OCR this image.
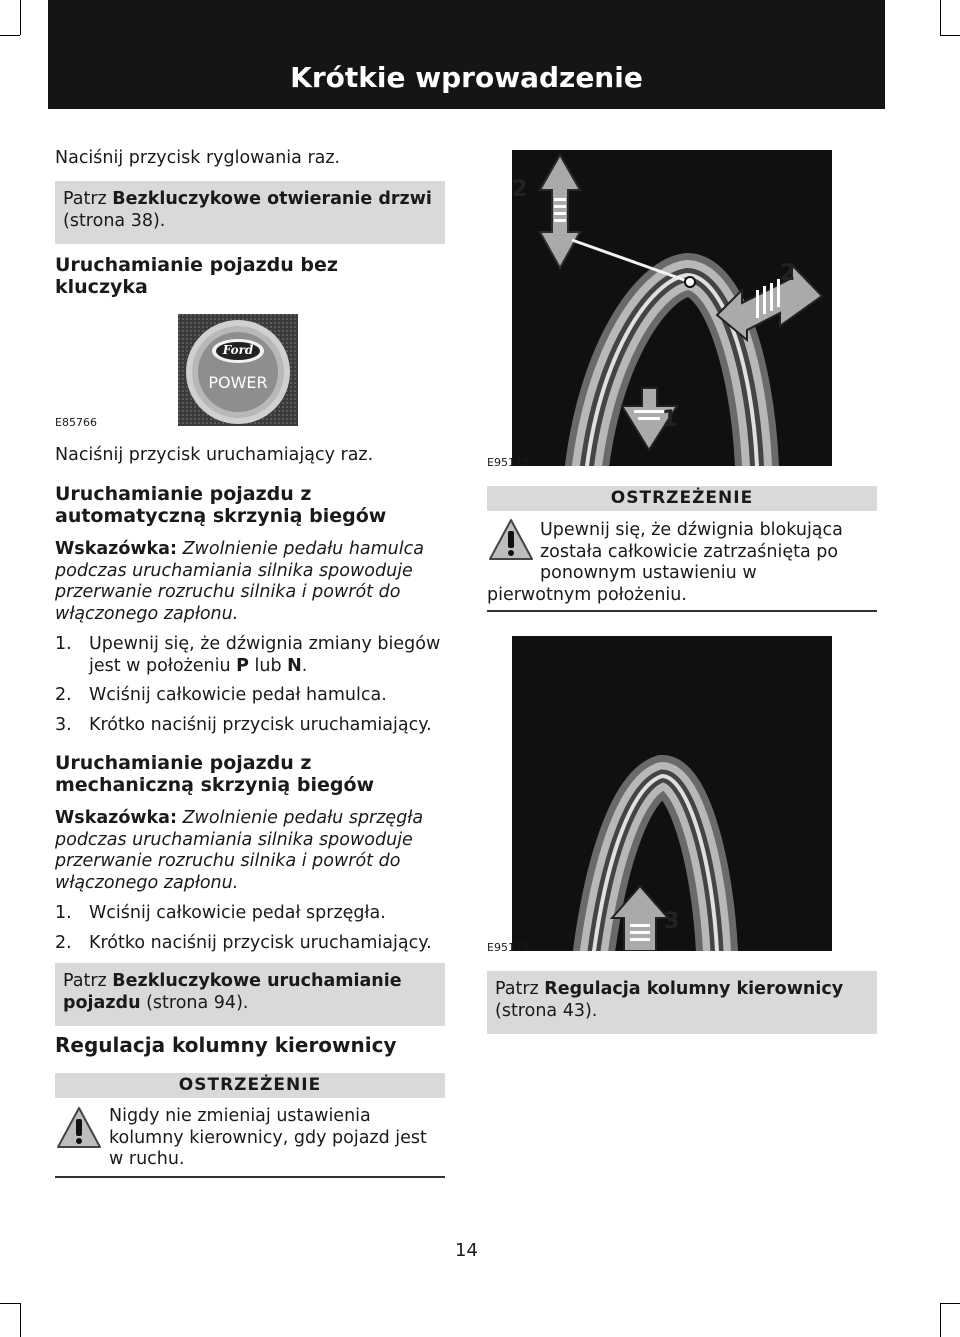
Krótkie wprowadzenie

Naciśnij przycisk ryglowania raz.

Patrz Bezkluczykowe otwieranie drzwi (strona 38).
Uruchamianie pojazdu bez kluczyka
Ford
POWER
E85766

Naciśnij przycisk uruchamiający raz.

Uruchamianie pojazdu z automatyczną skrzynią biegów

Wskazówka: Zwolnienie pedału hamulca podczas uruchamiania silnika spowoduje przerwanie rozruchu silnika i powrót do włączonego zapłonu.

1. Upewnij się, że dźwignia zmiany biegów jest w położeniu P lub N.
2. Wciśnij całkowicie pedał hamulca.
3. Krótko naciśnij przycisk uruchamiający.
Uruchamianie pojazdu z mechaniczną skrzynią biegów

Wskazówka: Zwolnienie pedału sprzęgła podczas uruchamiania silnika spowoduje przerwanie rozruchu silnika i powrót do włączonego zapłonu.

1. Wciśnij całkowicie pedał sprzęgła.
2. Krótko naciśnij przycisk uruchamiający.
Patrz Bezkluczykowe uruchamianie pojazdu (strona 94).
Regulacja kolumny kierownicy
OSTRZEŻENIE

Nigdy nie zmieniaj ustawienia kolumny kierownicy, gdy pojazd jest w ruchu.

2
2
1
E95178
OSTRZEŻENIE

Upewnij się, że dźwignia blokująca została całkowicie zatrzaśnięta po ponownym ustawieniu w

pierwotnym położeniu.

3
E95179
Patrz Regulacja kolumny kierownicy (strona 43).
14
